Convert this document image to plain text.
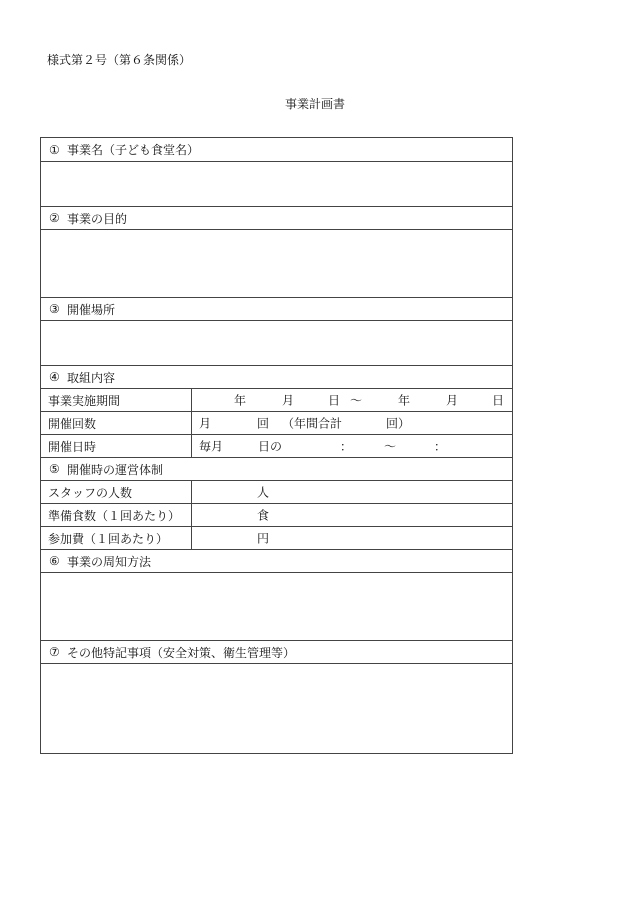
様式第２号（第６条関係）
事業計画書
① 事業名（子ども食堂名）
② 事業の目的
③ 開催場所
④ 取組内容
事業実施期間	年	月	日 ～	年	月	日
開催回数	月	回 （年間合計	回）
開催日時	毎月	日の	：	～	：
⑤ 開催時の運営体制
スタッフの人数	人
準備食数（１回あたり）	食
参加費（１回あたり）	円
⑥ 事業の周知方法
⑦ その他特記事項（安全対策、衛生管理等）
